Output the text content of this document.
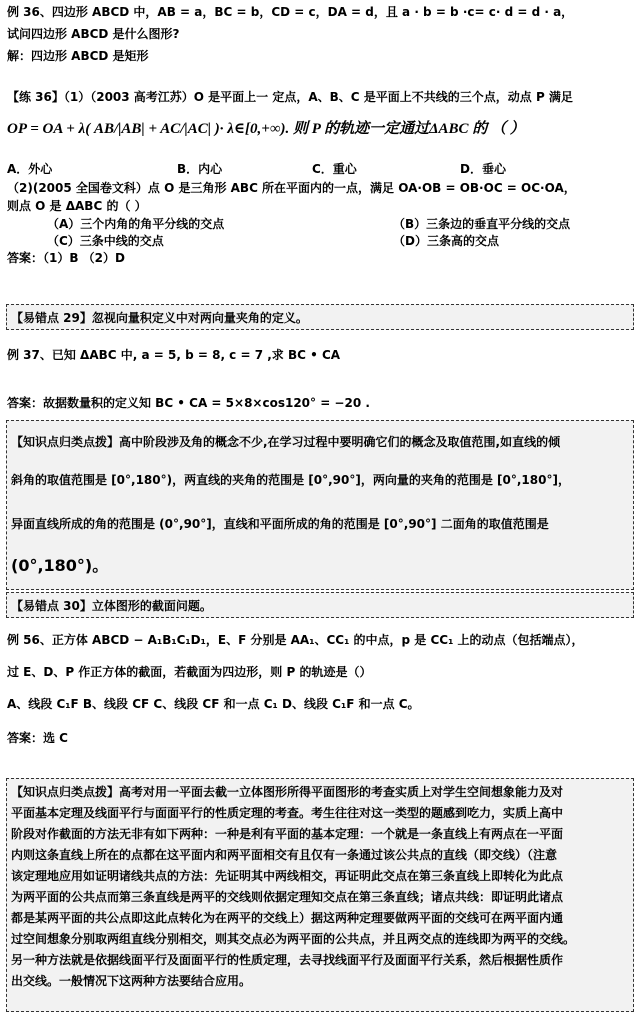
例 36、四边形 ABCD 中，AB = a，BC = b，CD = c，DA = d，且 a · b = b ·c= c· d = d · a，
试问四边形 ABCD 是什么图形?
解：四边形 ABCD 是矩形
【练 36】（1）（2003 高考江苏）O 是平面上一 定点，A、B、C 是平面上不共线的三个点，动点 P 满足
OP = OA + λ( AB/|AB| + AC/|AC| )· λ∈[0,+∞). 则 P 的轨迹一定通过ΔABC 的 （ ）
A．外心	B．内心	C．重心	D．垂心
（2)(2005 全国卷文科）点 O 是三角形 ABC 所在平面内的一点，满足 OA·OB = OB·OC = OC·OA，
则点 O 是 ΔABC 的（ ）
（A）三个内角的角平分线的交点	（B）三条边的垂直平分线的交点
（C）三条中线的交点	（D）三条高的交点
答案：（1）B （2）D
【易错点 29】忽视向量积定义中对两向量夹角的定义。
例 37、已知 ΔABC 中, a = 5, b = 8, c = 7 ,求 BC • CA
答案：故据数量积的定义知 BC • CA = 5×8×cos120° = −20 .
【知识点归类点拨】高中阶段涉及角的概念不少,在学习过程中要明确它们的概念及取值范围,如直线的倾
斜角的取值范围是 [0°,180°)，两直线的夹角的范围是 [0°,90°]，两向量的夹角的范围是 [0°,180°]，
异面直线所成的角的范围是 (0°,90°]，直线和平面所成的角的范围是 [0°,90°] 二面角的取值范围是
(0°,180°)。
【易错点 30】立体图形的截面问题。
例 56、正方体 ABCD − A₁B₁C₁D₁，E、F 分别是 AA₁、CC₁ 的中点，p 是 CC₁ 上的动点（包括端点），
过 E、D、P 作正方体的截面，若截面为四边形，则 P 的轨迹是（）
A、线段 C₁F B、线段 CF C、线段 CF 和一点 C₁ D、线段 C₁F 和一点 C。
答案：选 C
【知识点归类点拨】高考对用一平面去截一立体图形所得平面图形的考查实质上对学生空间想象能力及对
平面基本定理及线面平行与面面平行的性质定理的考查。考生往往对这一类型的题感到吃力，实质上高中
阶段对作截面的方法无非有如下两种：一种是利有平面的基本定理：一个就是一条直线上有两点在一平面
内则这条直线上所在的点都在这平面内和两平面相交有且仅有一条通过该公共点的直线（即交线）（注意
该定理地应用如证明诸线共点的方法：先证明其中两线相交，再证明此交点在第三条直线上即转化为此点
为两平面的公共点而第三条直线是两平的交线则依据定理知交点在第三条直线；诸点共线：即证明此诸点
都是某两平面的共公点即这此点转化为在两平的交线上）据这两种定理要做两平面的交线可在两平面内通
过空间想象分别取两组直线分别相交，则其交点必为两平面的公共点，并且两交点的连线即为两平的交线。
另一种方法就是依据线面平行及面面平行的性质定理，去寻找线面平行及面面平行关系，然后根据性质作
出交线。一般情况下这两种方法要结合应用。
